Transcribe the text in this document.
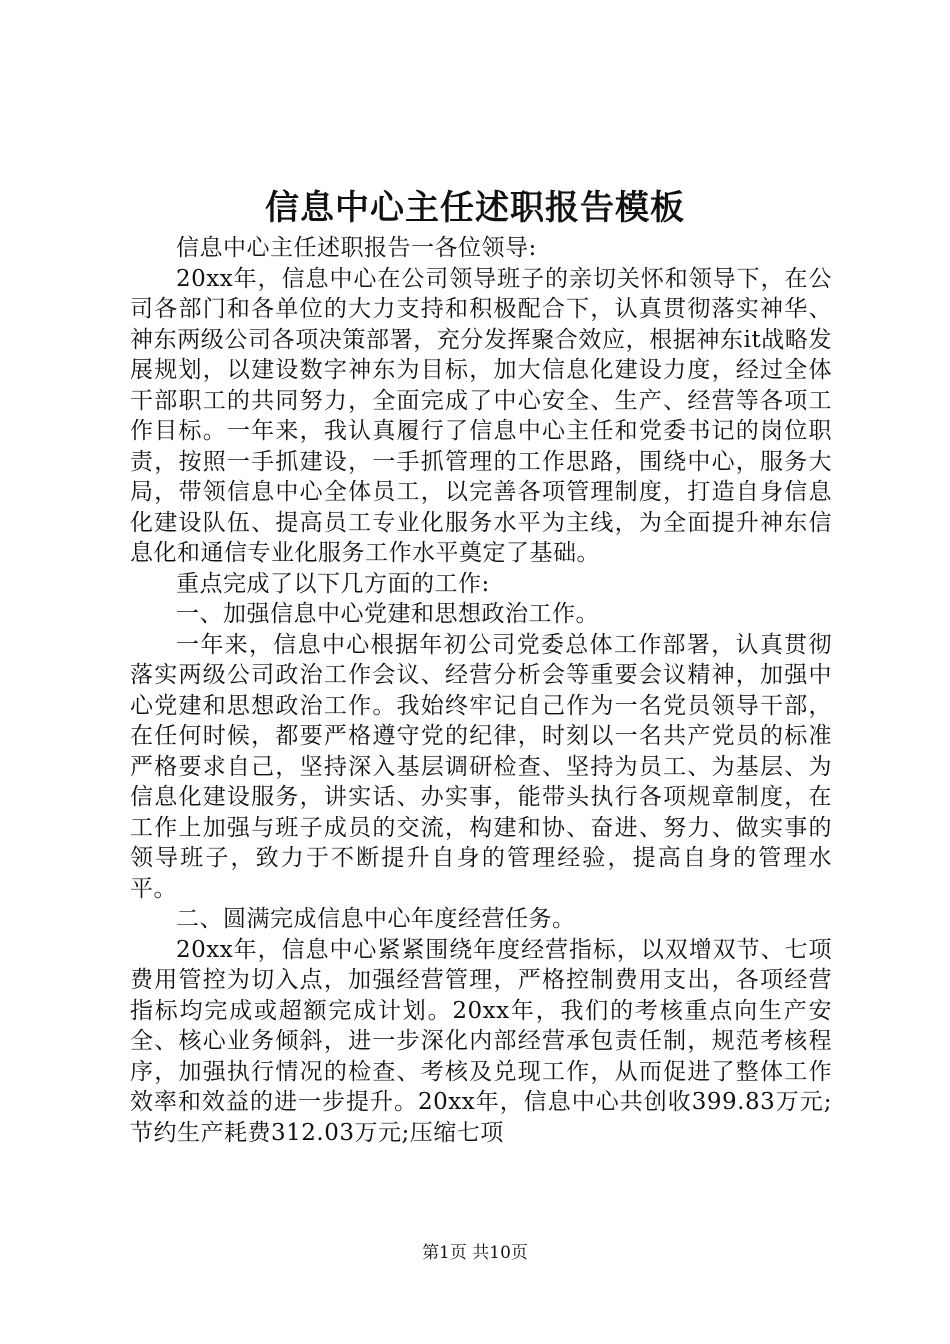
信息中心主任述职报告模板

信息中心主任述职报告一各位领导:

20xx年，信息中心在公司领导班子的亲切关怀和领导下，在公司各部门和各单位的大力支持和积极配合下，认真贯彻落实神华、神东两级公司各项决策部署，充分发挥聚合效应，根据神东it战略发展规划，以建设数字神东为目标，加大信息化建设力度，经过全体干部职工的共同努力，全面完成了中心安全、生产、经营等各项工作目标。一年来，我认真履行了信息中心主任和党委书记的岗位职责，按照一手抓建设，一手抓管理的工作思路，围绕中心，服务大局，带领信息中心全体员工，以完善各项管理制度，打造自身信息化建设队伍、提高员工专业化服务水平为主线，为全面提升神东信息化和通信专业化服务工作水平奠定了基础。

重点完成了以下几方面的工作:

一、加强信息中心党建和思想政治工作。

一年来，信息中心根据年初公司党委总体工作部署，认真贯彻落实两级公司政治工作会议、经营分析会等重要会议精神，加强中心党建和思想政治工作。我始终牢记自己作为一名党员领导干部，在任何时候，都要严格遵守党的纪律，时刻以一名共产党员的标准严格要求自己，坚持深入基层调研检查、坚持为员工、为基层、为信息化建设服务，讲实话、办实事，能带头执行各项规章制度，在工作上加强与班子成员的交流，构建和协、奋进、努力、做实事的领导班子，致力于不断提升自身的管理经验，提高自身的管理水平。

二、圆满完成信息中心年度经营任务。

20xx年，信息中心紧紧围绕年度经营指标，以双增双节、七项费用管控为切入点，加强经营管理，严格控制费用支出，各项经营指标均完成或超额完成计划。20xx年，我们的考核重点向生产安全、核心业务倾斜，进一步深化内部经营承包责任制，规范考核程序，加强执行情况的检查、考核及兑现工作，从而促进了整体工作效率和效益的进一步提升。20xx年，信息中心共创收399.83万元;节约生产耗费312.03万元;压缩七项

第1页 共10页
